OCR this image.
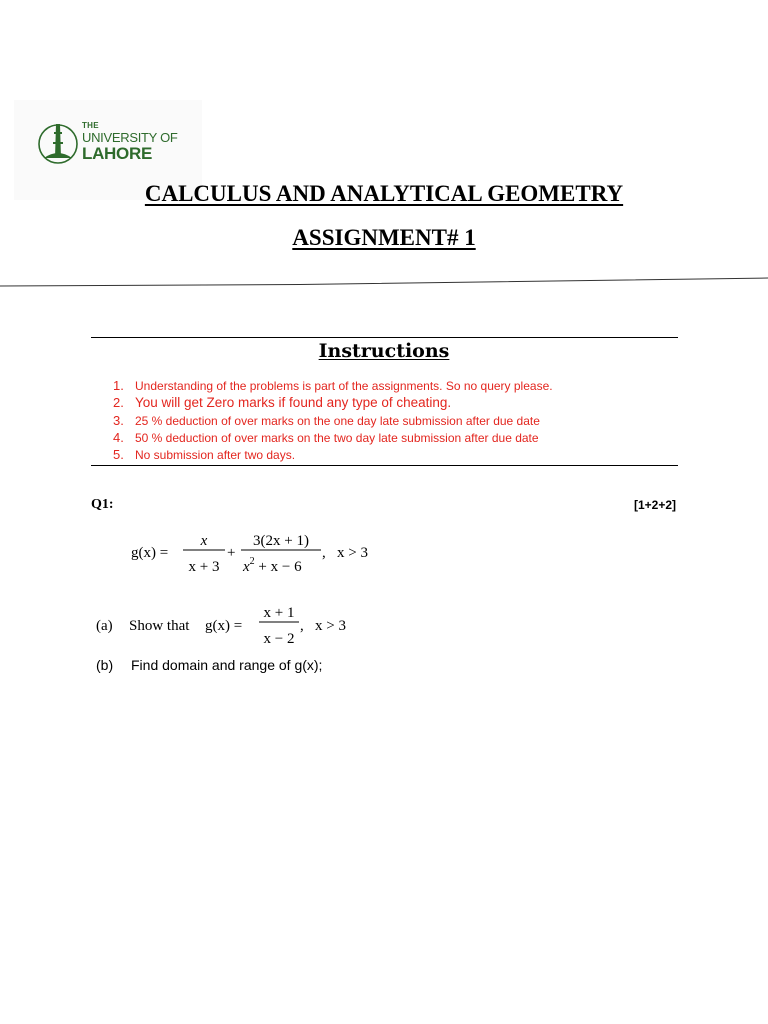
THE
UNIVERSITY OF
LAHORE
CALCULUS AND ANALYTICAL GEOMETRY
ASSIGNMENT# 1
Instructions
1. Understanding of the problems is part of the assignments. So no query please.
2. You will get Zero marks if found any type of cheating.
3. 25 % deduction of over marks on the one day late submission after due date
4. 50 % deduction of over marks on the two day late submission after due date
5. No submission after two days.
Q1:	[1+2+2]
g(x) =
x
x + 3
+
3(2x + 1)
$x^2 + x - 6$
,   x > 3
(a) Show that g(x) =
x + 1
x − 2
,   x > 3
(b) Find domain and range of g(x);
